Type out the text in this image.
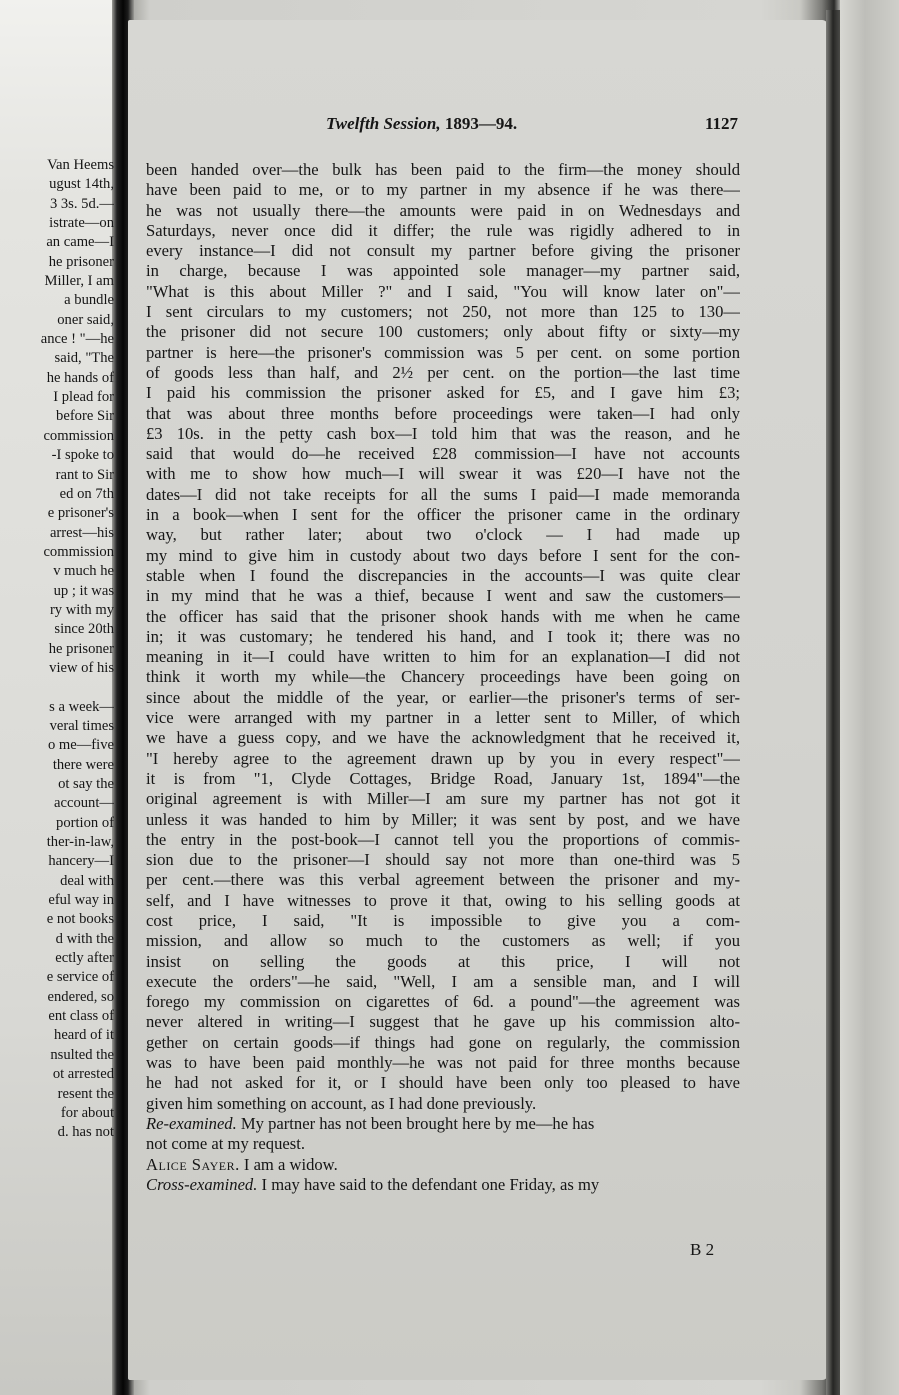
Van Heems
ugust 14th,
3 3s. 5d.—
istrate—on
an came—I
he prisoner
Miller, I am
a bundle
oner said,
ance ! "—he
said, "The
he hands of
I plead for
before Sir
commission
-I spoke to
rant to Sir
ed on 7th
e prisoner's
arrest—his
commission
v much he
up ; it was
ry with my
since 20th
he prisoner
view of his
s a week—
veral times
o me—five
there were
ot say the
account—
portion of
ther-in-law,
hancery—I
deal with
eful way in
e not books
d with the
ectly after
e service of
endered, so
ent class of
heard of it
nsulted the
ot arrested
resent the
for about
d. has not
Twelfth Session, 1893—94.	1127
been handed over—the bulk has been paid to the firm—the money should
have been paid to me, or to my partner in my absence if he was there—
he was not usually there—the amounts were paid in on Wednesdays and
Saturdays, never once did it differ; the rule was rigidly adhered to in
every instance—I did not consult my partner before giving the prisoner
in charge, because I was appointed sole manager—my partner said,
"What is this about Miller ?" and I said, "You will know later on"—
I sent circulars to my customers; not 250, not more than 125 to 130—
the prisoner did not secure 100 customers; only about fifty or sixty—my
partner is here—the prisoner's commission was 5 per cent. on some portion
of goods less than half, and 2½ per cent. on the portion—the last time
I paid his commission the prisoner asked for £5, and I gave him £3;
that was about three months before proceedings were taken—I had only
£3 10s. in the petty cash box—I told him that was the reason, and he
said that would do—he received £28 commission—I have not accounts
with me to show how much—I will swear it was £20—I have not the
dates—I did not take receipts for all the sums I paid—I made memoranda
in a book—when I sent for the officer the prisoner came in the ordinary
way, but rather later; about two o'clock — I had made up
my mind to give him in custody about two days before I sent for the con-
stable when I found the discrepancies in the accounts—I was quite clear
in my mind that he was a thief, because I went and saw the customers—
the officer has said that the prisoner shook hands with me when he came
in; it was customary; he tendered his hand, and I took it; there was no
meaning in it—I could have written to him for an explanation—I did not
think it worth my while—the Chancery proceedings have been going on
since about the middle of the year, or earlier—the prisoner's terms of ser-
vice were arranged with my partner in a letter sent to Miller, of which
we have a guess copy, and we have the acknowledgment that he received it,
"I hereby agree to the agreement drawn up by you in every respect"—
it is from "1, Clyde Cottages, Bridge Road, January 1st, 1894"—the
original agreement is with Miller—I am sure my partner has not got it
unless it was handed to him by Miller; it was sent by post, and we have
the entry in the post-book—I cannot tell you the proportions of commis-
sion due to the prisoner—I should say not more than one-third was 5
per cent.—there was this verbal agreement between the prisoner and my-
self, and I have witnesses to prove it that, owing to his selling goods at
cost price, I said, "It is impossible to give you a com-
mission, and allow so much to the customers as well; if you
insist on selling the goods at this price, I will not
execute the orders"—he said, "Well, I am a sensible man, and I will
forego my commission on cigarettes of 6d. a pound"—the agreement was
never altered in writing—I suggest that he gave up his commission alto-
gether on certain goods—if things had gone on regularly, the commission
was to have been paid monthly—he was not paid for three months because
he had not asked for it, or I should have been only too pleased to have
given him something on account, as I had done previously.
Re-examined. My partner has not been brought here by me—he has
not come at my request.
Alice Sayer. I am a widow.
Cross-examined. I may have said to the defendant one Friday, as my
B 2
